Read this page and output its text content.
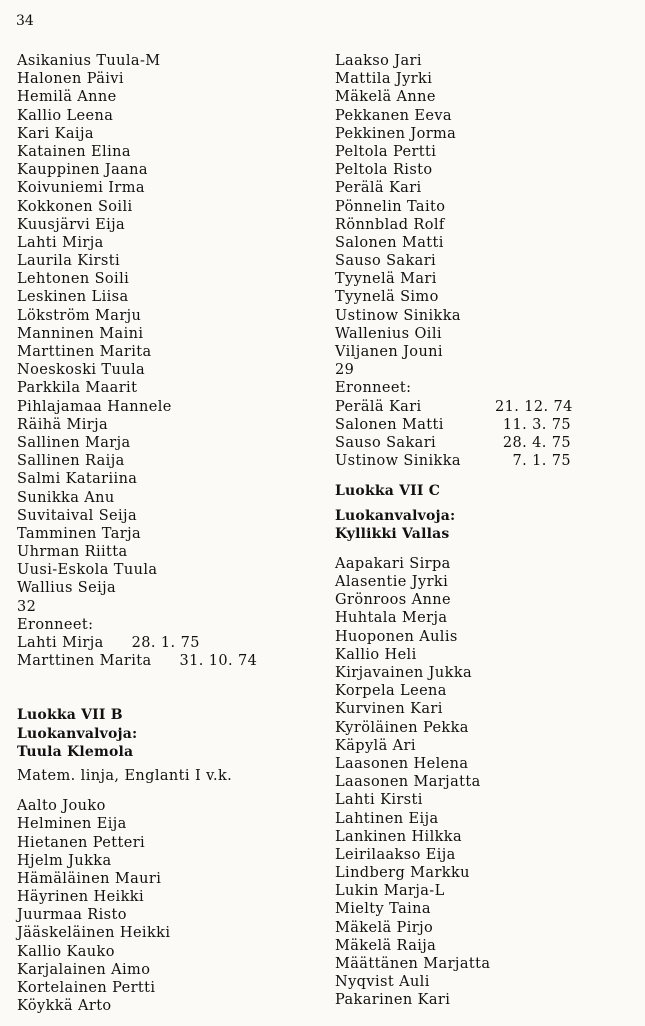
34
Asikanius Tuula-M
Halonen Päivi
Hemilä Anne
Kallio Leena
Kari Kaija
Katainen Elina
Kauppinen Jaana
Koivuniemi Irma
Kokkonen Soili
Kuusjärvi Eija
Lahti Mirja
Laurila Kirsti
Lehtonen Soili
Leskinen Liisa
Lökström Marju
Manninen Maini
Marttinen Marita
Noeskoski Tuula
Parkkila Maarit
Pihlajamaa Hannele
Räihä Mirja
Sallinen Marja
Sallinen Raija
Salmi Katariina
Sunikka Anu
Suvitaival Seija
Tamminen Tarja
Uhrman Riitta
Uusi-Eskola Tuula
Wallius Seija
32
Eronneet:
Lahti Mirja 28. 1. 75
Marttinen Marita 31. 10. 74
Luokka VII B
Luokanvalvoja:
Tuula Klemola
Matem. linja, Englanti I v.k.
Aalto Jouko
Helminen Eija
Hietanen Petteri
Hjelm Jukka
Hämäläinen Mauri
Häyrinen Heikki
Juurmaa Risto
Jääskeläinen Heikki
Kallio Kauko
Karjalainen Aimo
Kortelainen Pertti
Köykkä Arto
Laakso Jari
Mattila Jyrki
Mäkelä Anne
Pekkanen Eeva
Pekkinen Jorma
Peltola Pertti
Peltola Risto
Perälä Kari
Pönnelin Taito
Rönnblad Rolf
Salonen Matti
Sauso Sakari
Tyynelä Mari
Tyynelä Simo
Ustinow Sinikka
Wallenius Oili
Viljanen Jouni
29
Eronneet:
Perälä Kari	21. 12. 74
Salonen Matti	11. 3. 75
Sauso Sakari	28. 4. 75
Ustinow Sinikka	7. 1. 75
Luokka VII C
Luokanvalvoja:
Kyllikki Vallas
Aapakari Sirpa
Alasentie Jyrki
Grönroos Anne
Huhtala Merja
Huoponen Aulis
Kallio Heli
Kirjavainen Jukka
Korpela Leena
Kurvinen Kari
Kyröläinen Pekka
Käpylä Ari
Laasonen Helena
Laasonen Marjatta
Lahti Kirsti
Lahtinen Eija
Lankinen Hilkka
Leirilaakso Eija
Lindberg Markku
Lukin Marja-L
Mielty Taina
Mäkelä Pirjo
Mäkelä Raija
Määttänen Marjatta
Nyqvist Auli
Pakarinen Kari
